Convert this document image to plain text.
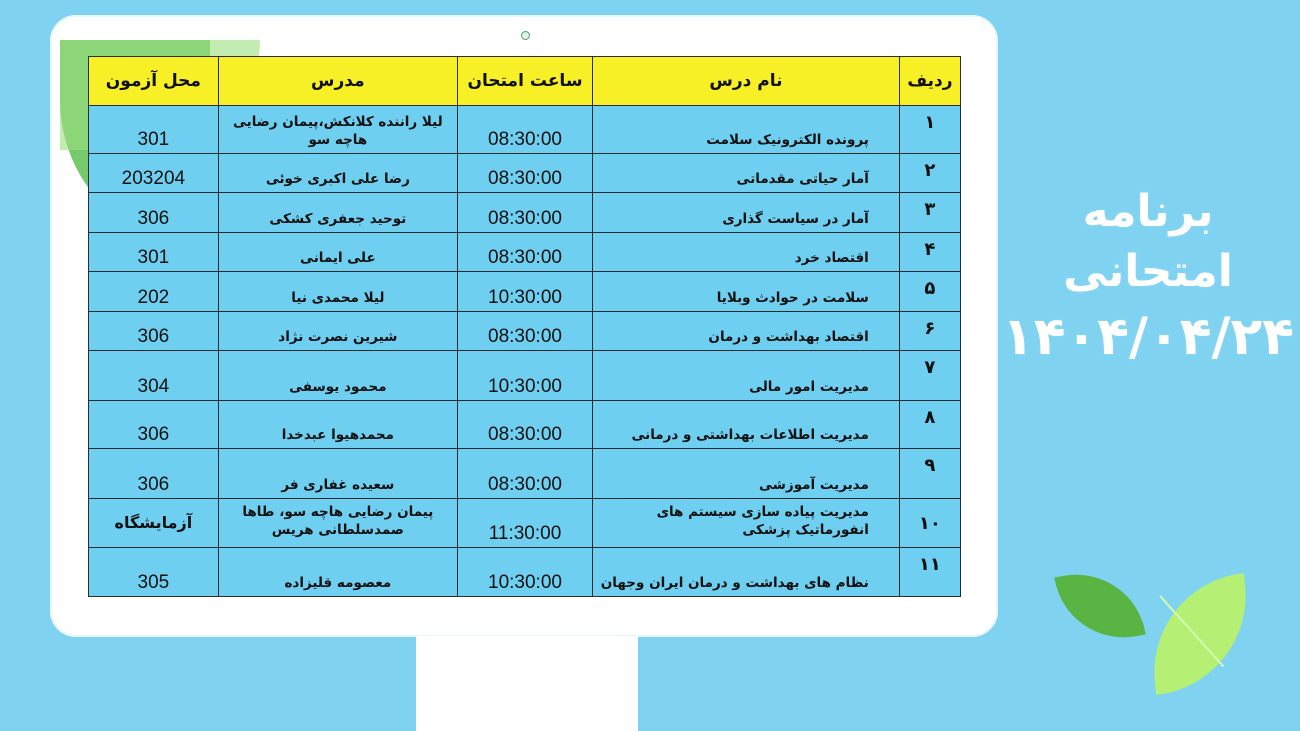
محل آزمون	مدرس	ساعت امتحان	نام درس	ردیف
301	لیلا راننده کلانکش،پیمان رضایی هاچه سو	08:30:00	پرونده الکترونیک سلامت	۱
203204	رضا علی اکبری خوئی	08:30:00	آمار حیاتی مقدماتی	۲
306	توحید جعفری کشکی	08:30:00	آمار در سیاست گذاری	۳
301	علی ایمانی	08:30:00	اقتصاد خرد	۴
202	لیلا محمدی نیا	10:30:00	سلامت در حوادث وبلایا	۵
306	شیرین نصرت نژاد	08:30:00	اقتصاد بهداشت و درمان	۶
304	محمود یوسفی	10:30:00	مدیریت امور مالی	۷
306	محمدهیوا عبدخدا	08:30:00	مدیریت اطلاعات بهداشتی و درمانی	۸
306	سعیده غفاری فر	08:30:00	مدیریت آموزشی	۹
آزمایشگاه	پیمان رضایی هاچه سو، طاها صمدسلطانی هریس	11:30:00	مدیریت پیاده سازی سیستم های انفورماتیک پزشکی	۱۰
305	معصومه قلیزاده	10:30:00	نظام های بهداشت و درمان ایران وجهان	۱۱
برنامه امتحانی
۱۴۰۴/۰۴/۲۴
